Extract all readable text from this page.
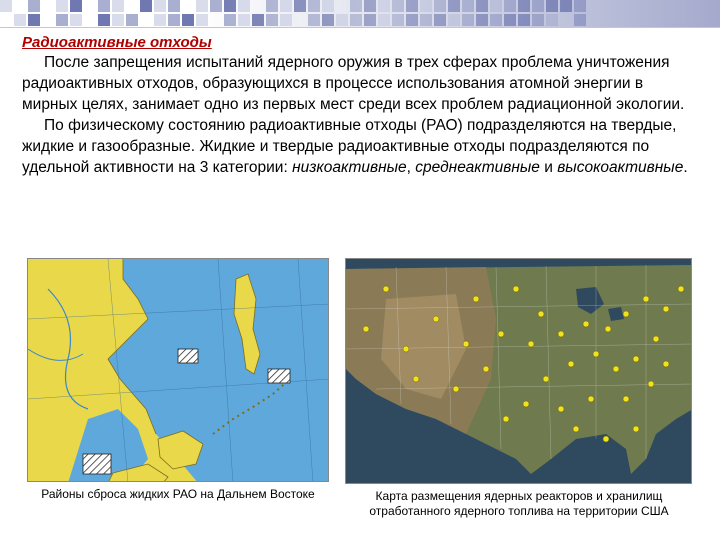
Радиоактивные отходы

После запрещения испытаний ядерного оружия в трех сферах проблема уничтожения радиоактивных отходов, образующихся в процессе использования атомной энергии в мирных целях, занимает одно из первых мест среди всех проблем радиационной экологии.

По физическому состоянию радиоактивные отходы (РАО) подразделяются на твердые, жидкие и газообразные. Жидкие и твердые радиоактивные отходы подразделяются по удельной активности на 3 категории: низкоактивные, среднеактивные и высокоактивные.

Районы сброса жидких РАО на Дальнем Востоке	Карта размещения ядерных реакторов и хранилищ отработанного ядерного топлива на территории США
